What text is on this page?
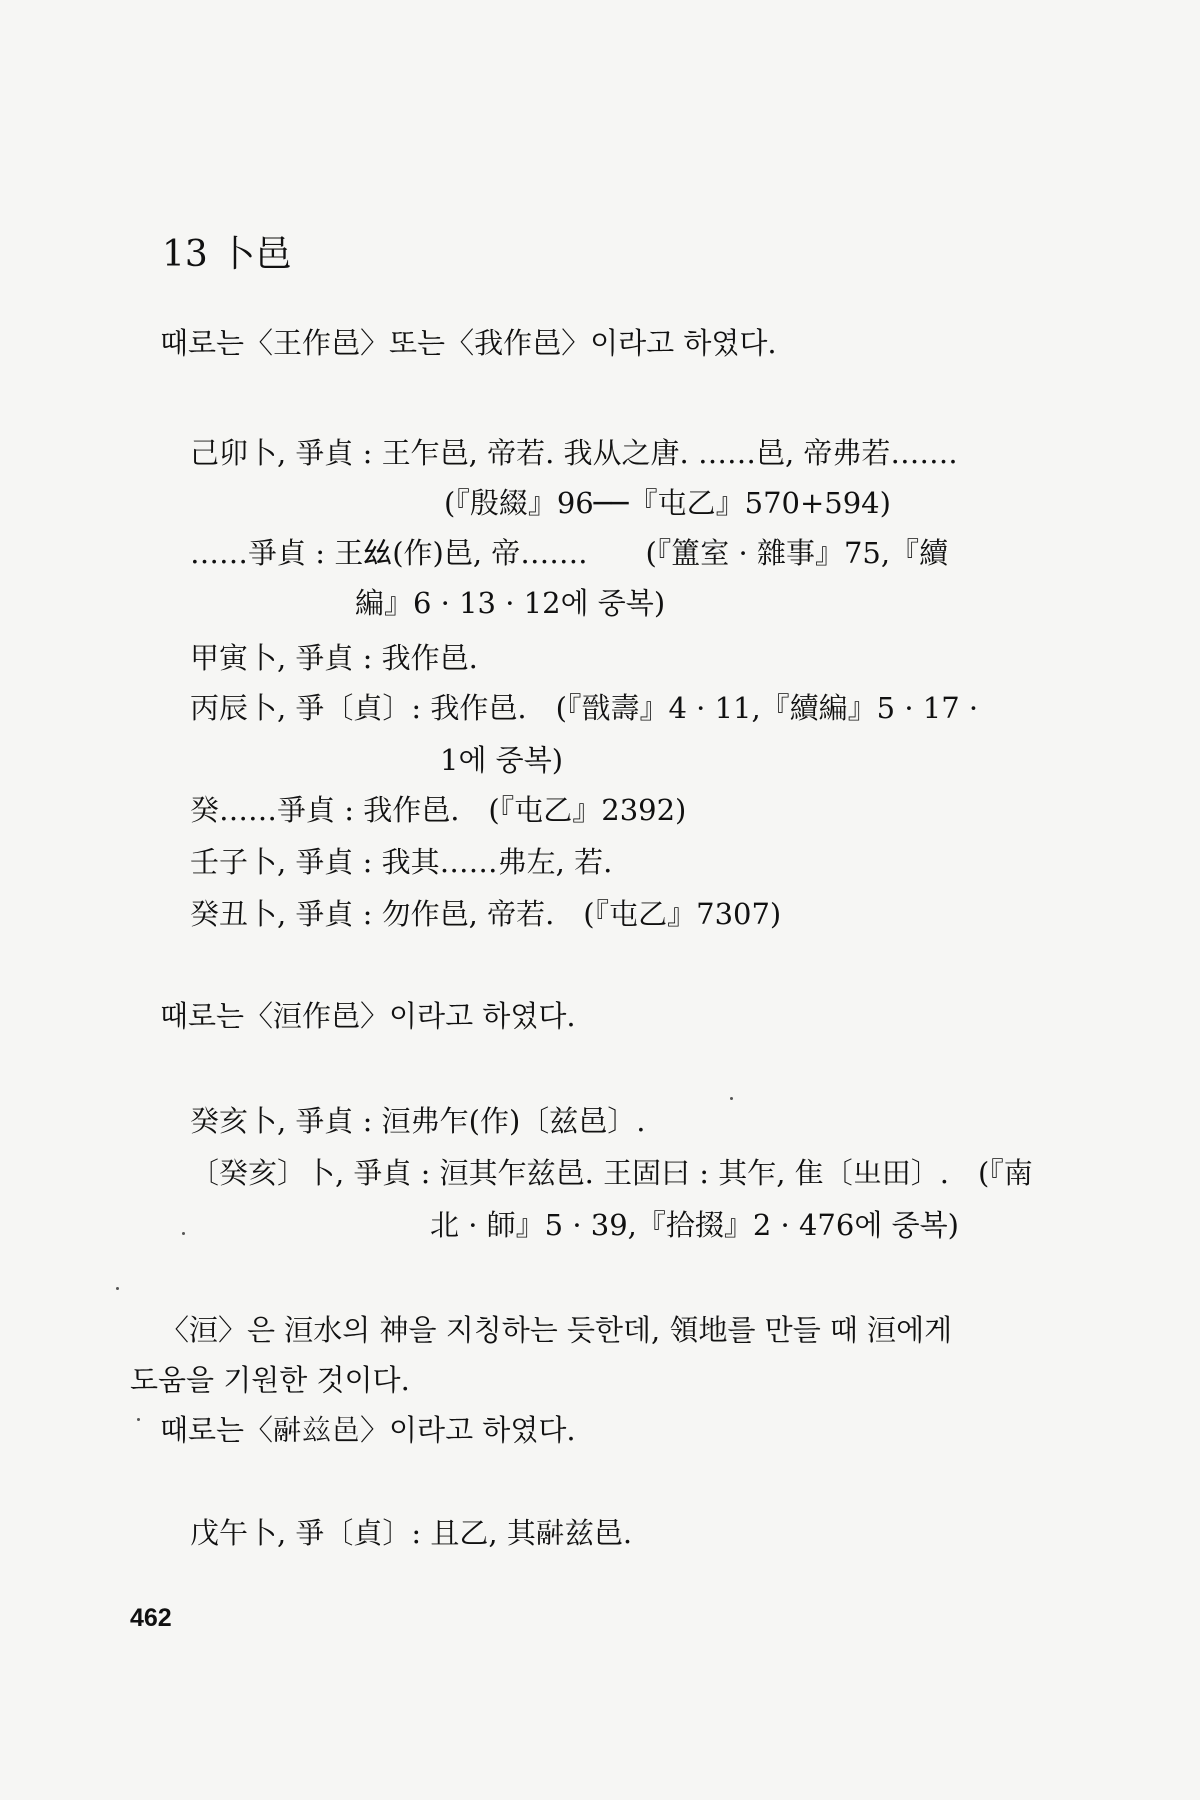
13 卜邑
때로는〈王作邑〉또는〈我作邑〉이라고 하였다.
己卯卜, 爭貞 : 王乍邑, 帝若. 我从之唐. ……邑, 帝弗若…….
(『殷綴』96──『屯乙』570+594)
……爭貞 : 王𢆶(作)邑, 帝…….　　(『簠室 · 雜事』75,『續
編』6 · 13 · 12에 중복)
甲寅卜, 爭貞 : 我作邑.
丙辰卜, 爭〔貞〕: 我作邑.　(『戩壽』4 · 11,『續編』5 · 17 ·
1에 중복)
癸……爭貞 : 我作邑.　(『屯乙』2392)
壬子卜, 爭貞 : 我其……弗左, 若.
癸丑卜, 爭貞 : 勿作邑, 帝若.　(『屯乙』7307)
때로는〈洹作邑〉이라고 하였다.
癸亥卜, 爭貞 : 洹弗乍(作)〔兹邑〕.
〔癸亥〕卜, 爭貞 : 洹其乍兹邑. 王固曰 : 其乍, 隹〔㞢田〕.　(『南
北 · 師』5 · 39,『拾掇』2 · 476에 중복)
〈洹〉은 洹水의 神을 지칭하는 듯한데, 領地를 만들 때 洹에게
도움을 기원한 것이다.
때로는〈𩰫兹邑〉이라고 하였다.
戊午卜, 爭〔貞〕: 且乙, 其𩰫兹邑.
462
